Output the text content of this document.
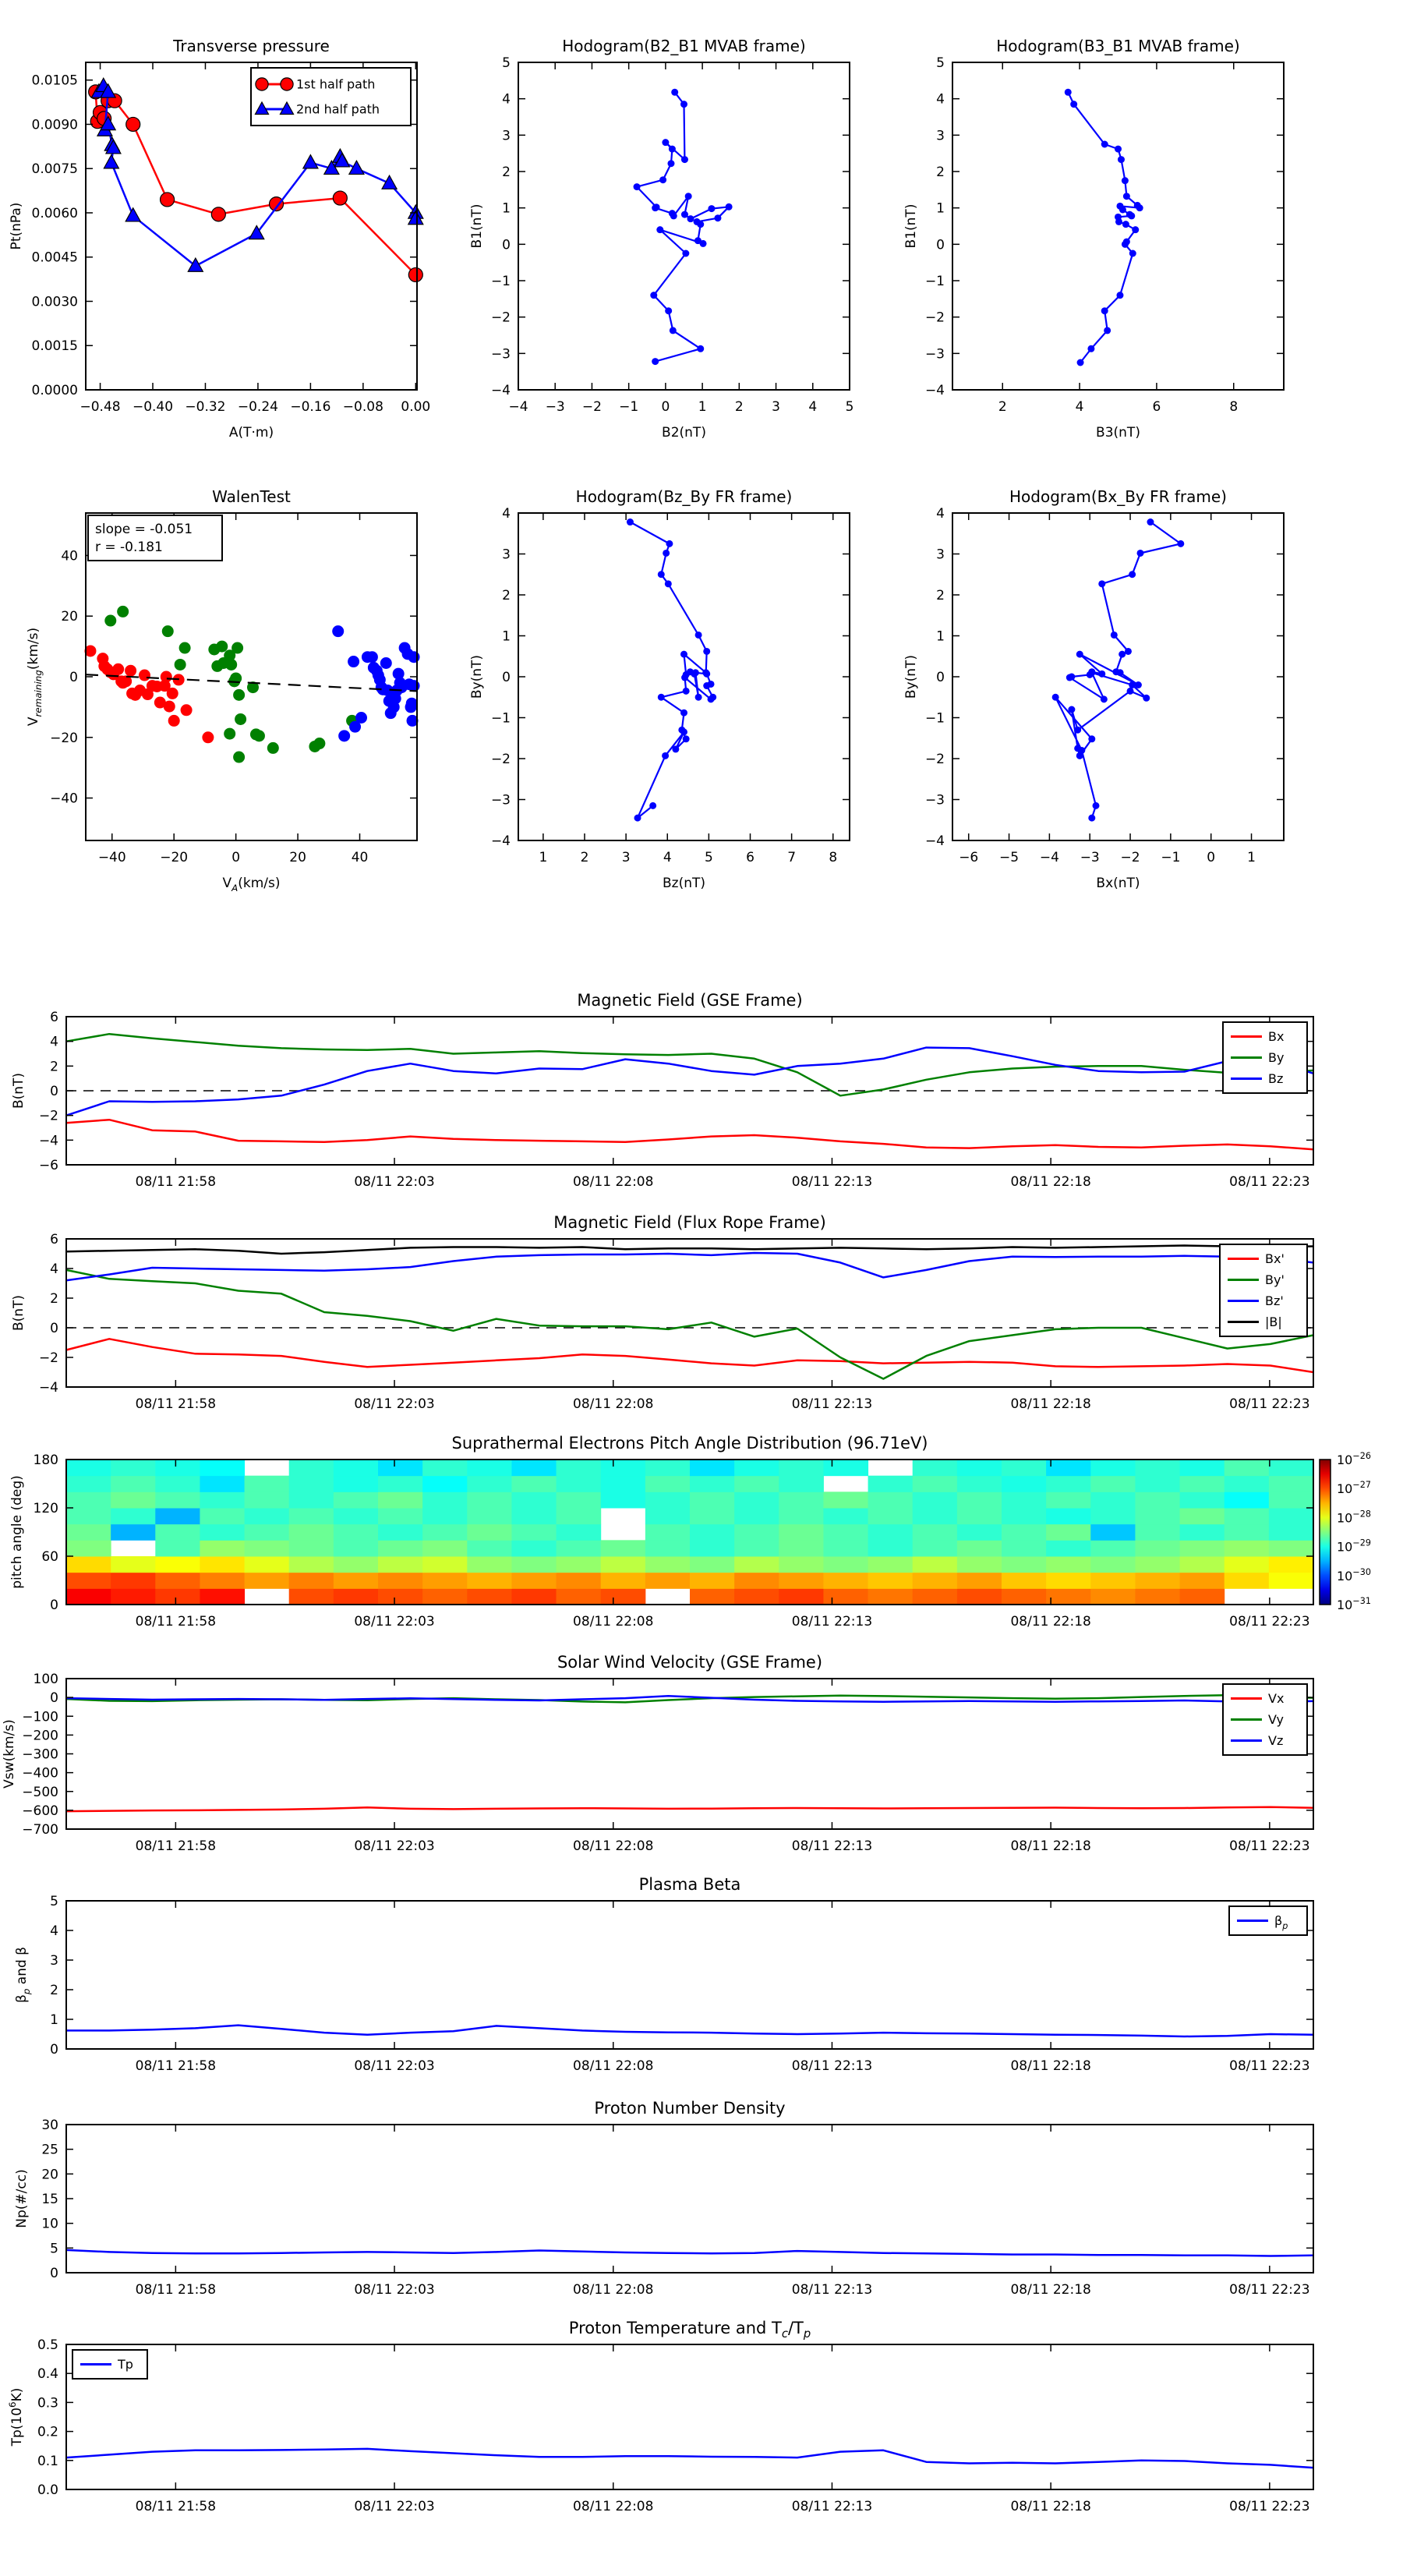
−0.48 −0.40 −0.32 −0.24 −0.16 −0.08 0.00
0.0000
0.0015
0.0030
0.0045
0.0060
0.0075
0.0090
0.0105
Transverse pressure
A(T·m)
Pt(nPa)
1st half path
2nd half path
−4 −3 −2 −1 0 1 2 3 4 5
−4
−3
−2
−1
0
1
2
3
4
5
Hodogram(B2_B1 MVAB frame)
B2(nT)
B1(nT)
2	4	6	8
−4
−3
−2
−1
0
1
2
3
4
5
Hodogram(B3_B1 MVAB frame)
B3(nT)
B1(nT)
−40	−20	0	20	40
−40
−20
0
20
40
WalenTest
$V_A(km/s)$
$V_{remaining}(km/s)$
slope = -0.051
r = -0.181
1 2 3 4 5 6 7 8
−4
−3
−2
−1
0
1
2
3
4
Hodogram(Bz_By FR frame)
Bz(nT)
By(nT)
−6 −5 −4 −3 −2 −1 0 1
−4
−3
−2
−1
0
1
2
3
4
Hodogram(Bx_By FR frame)
Bx(nT)
By(nT)
08/11 21:58	08/11 22:03	08/11 22:08	08/11 22:13	08/11 22:18	08/11 22:23
−6
−4
−2
0
2
4
6
Magnetic Field (GSE Frame)
B(nT)
Bx
By
Bz
08/11 21:58	08/11 22:03	08/11 22:08	08/11 22:13	08/11 22:18	08/11 22:23
−4
−2
0
2
4
6
Magnetic Field (Flux Rope Frame)
B(nT)
Bx'
By'
Bz'
|B|
08/11 21:58	08/11 22:03	08/11 22:08	08/11 22:13	08/11 22:18	08/11 22:23
0
60
120
180
Suprathermal Electrons Pitch Angle Distribution (96.71eV)
pitch angle (deg)
$10^{-26}$
$10^{-27}$
$10^{-28}$
$10^{-29}$
$10^{-30}$
$10^{-31}$
08/11 21:58	08/11 22:03	08/11 22:08	08/11 22:13	08/11 22:18	08/11 22:23
−700
−600
−500
−400
−300
−200
−100
0
100
Solar Wind Velocity (GSE Frame)
Vsw(km/s)
Vx
Vy
Vz
08/11 21:58	08/11 22:03	08/11 22:08	08/11 22:13	08/11 22:18	08/11 22:23
0
1
2
3
4
5
Plasma Beta
$\beta_p$ and β
$\beta_p$
08/11 21:58	08/11 22:03	08/11 22:08	08/11 22:13	08/11 22:18	08/11 22:23
0
5
10
15
20
25
30
Proton Number Density
Np(#/cc)
08/11 21:58	08/11 22:03	08/11 22:08	08/11 22:13	08/11 22:18	08/11 22:23
0.0
0.1
0.2
0.3
0.4
0.5
Proton Temperature and $T_c/T_p$
$Tp(10^6K)$
Tp
